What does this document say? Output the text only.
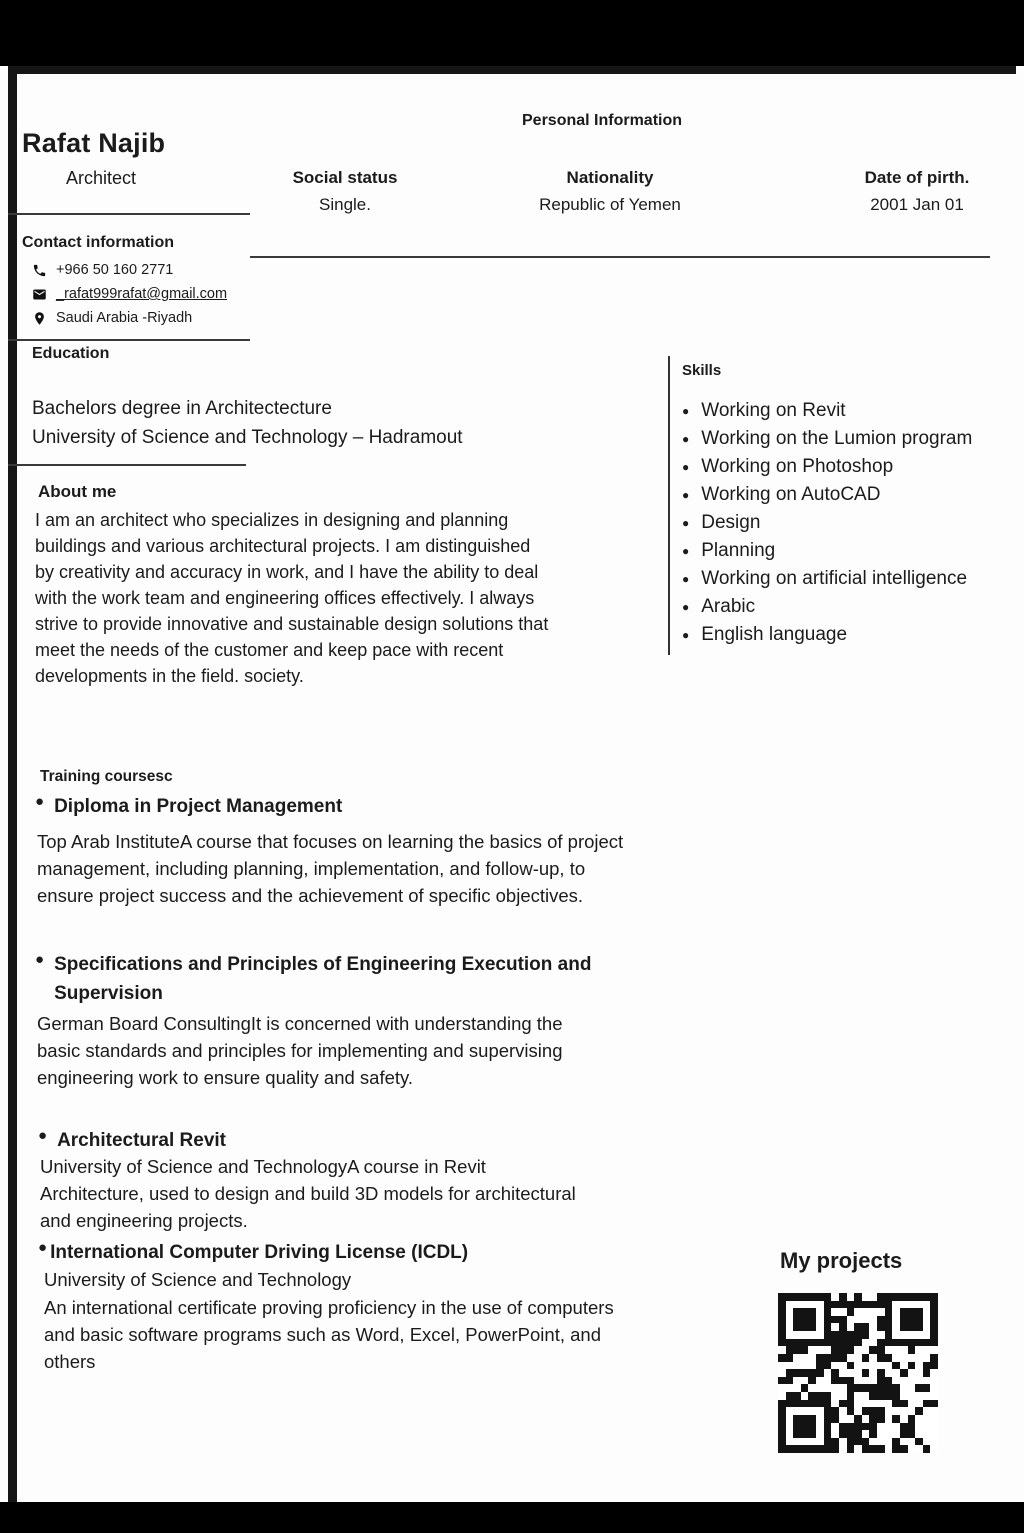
Personal Information
Rafat Najib
Architect	Social status
Single.
Nationality
Republic of Yemen
Date of pirth.
2001 Jan 01
Contact information
+966 50 160 2771
_rafat999rafat@gmail.com
Saudi Arabia -Riyadh
Education
Bachelors degree in Architectecture
University of Science and Technology – Hadramout
Skills
● Working on Revit
● Working on the Lumion program
● Working on Photoshop
● Working on AutoCAD
● Design
● Planning
● Working on artificial intelligence
● Arabic
● English language
About me
I am an architect who specializes in designing and planning buildings and various architectural projects. I am distinguished by creativity and accuracy in work, and I have the ability to deal with the work team and engineering offices effectively. I always strive to provide innovative and sustainable design solutions that meet the needs of the customer and keep pace with recent developments in the field. society.
Training coursesc
● Diploma in Project Management
Top Arab InstituteA course that focuses on learning the basics of project management, including planning, implementation, and follow-up, to ensure project success and the achievement of specific objectives.
● Specifications and Principles of Engineering Execution and Supervision
German Board ConsultingIt is concerned with understanding the basic standards and principles for implementing and supervising engineering work to ensure quality and safety.
● Architectural Revit
University of Science and TechnologyA course in Revit Architecture, used to design and build 3D models for architectural and engineering projects.
● International Computer Driving License (ICDL)
University of Science and Technology
An international certificate proving proficiency in the use of computers and basic software programs such as Word, Excel, PowerPoint, and others
My projects
